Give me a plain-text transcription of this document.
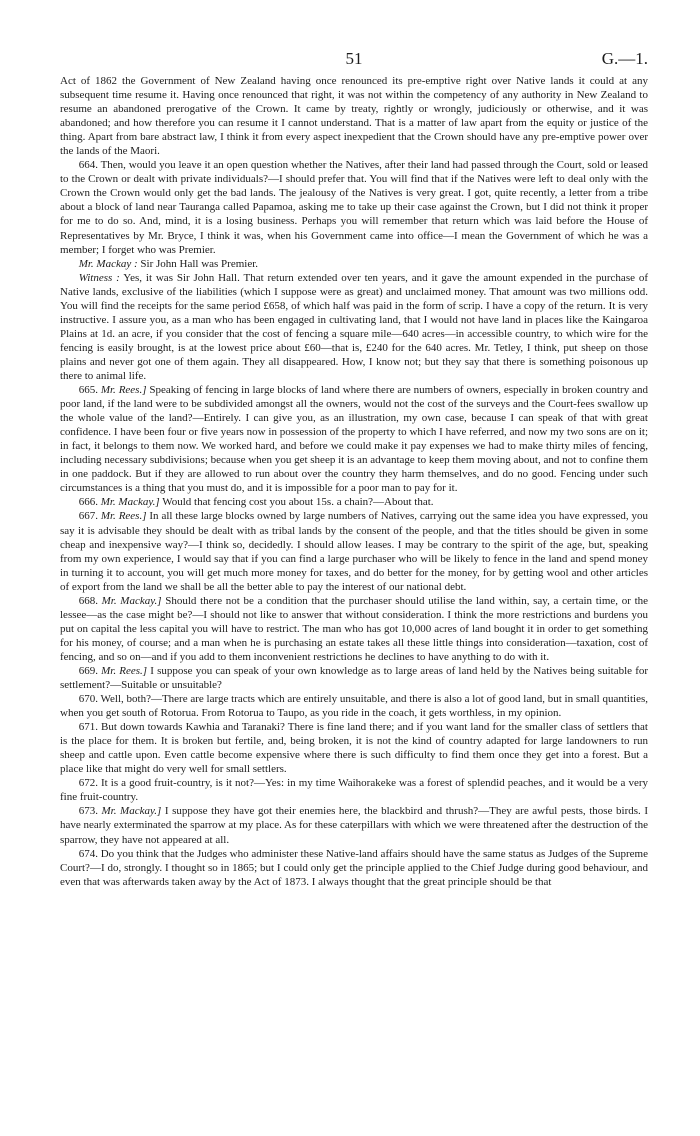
51	G.—1.

Act of 1862 the Government of New Zealand having once renounced its pre-emptive right over Native lands it could at any subsequent time resume it. Having once renounced that right, it was not within the competency of any authority in New Zealand to resume an abandoned prerogative of the Crown. It came by treaty, rightly or wrongly, judiciously or otherwise, and it was abandoned; and how therefore you can resume it I cannot understand. That is a matter of law apart from the equity or justice of the thing. Apart from bare abstract law, I think it from every aspect inexpedient that the Crown should have any pre-emptive power over the lands of the Maori.

664. Then, would you leave it an open question whether the Natives, after their land had passed through the Court, sold or leased to the Crown or dealt with private individuals?—I should prefer that. You will find that if the Natives were left to deal only with the Crown the Crown would only get the bad lands. The jealousy of the Natives is very great. I got, quite recently, a letter from a tribe about a block of land near Tauranga called Papamoa, asking me to take up their case against the Crown, but I did not think it proper for me to do so. And, mind, it is a losing business. Perhaps you will remember that return which was laid before the House of Representatives by Mr. Bryce, I think it was, when his Government came into office—I mean the Government of which he was a member; I forget who was Premier.

Mr. Mackay : Sir John Hall was Premier.

Witness : Yes, it was Sir John Hall. That return extended over ten years, and it gave the amount expended in the purchase of Native lands, exclusive of the liabilities (which I suppose were as great) and unclaimed money. That amount was two millions odd. You will find the receipts for the same period £658, of which half was paid in the form of scrip. I have a copy of the return. It is very instructive. I assure you, as a man who has been engaged in cultivating land, that I would not have land in places like the Kaingaroa Plains at 1d. an acre, if you consider that the cost of fencing a square mile—640 acres—in accessible country, to which wire for the fencing is easily brought, is at the lowest price about £60—that is, £240 for the 640 acres. Mr. Tetley, I think, put sheep on those plains and never got one of them again. They all disappeared. How, I know not; but they say that there is something poisonous up there to animal life.

665. Mr. Rees.] Speaking of fencing in large blocks of land where there are numbers of owners, especially in broken country and poor land, if the land were to be subdivided amongst all the owners, would not the cost of the surveys and the Court-fees swallow up the whole value of the land?—Entirely. I can give you, as an illustration, my own case, because I can speak of that with great confidence. I have been four or five years now in possession of the property to which I have referred, and now my two sons are on it; in fact, it belongs to them now. We worked hard, and before we could make it pay expenses we had to make thirty miles of fencing, including necessary subdivisions; because when you get sheep it is an advantage to keep them moving about, and not to confine them in one paddock. But if they are allowed to run about over the country they harm themselves, and do no good. Fencing under such circumstances is a thing that you must do, and it is impossible for a poor man to pay for it.

666. Mr. Mackay.] Would that fencing cost you about 15s. a chain?—About that.

667. Mr. Rees.] In all these large blocks owned by large numbers of Natives, carrying out the same idea you have expressed, you say it is advisable they should be dealt with as tribal lands by the consent of the people, and that the titles should be given in some cheap and inexpensive way?—I think so, decidedly. I should allow leases. I may be contrary to the spirit of the age, but, speaking from my own experience, I would say that if you can find a large purchaser who will be likely to fence in the land and spend money in turning it to account, you will get much more money for taxes, and do better for the money, for by getting wool and other articles of export from the land we shall be all the better able to pay the interest of our national debt.

668. Mr. Mackay.] Should there not be a condition that the purchaser should utilise the land within, say, a certain time, or the lessee—as the case might be?—I should not like to answer that without consideration. I think the more restrictions and burdens you put on capital the less capital you will have to restrict. The man who has got 10,000 acres of land bought it in order to get something for his money, of course; and a man when he is purchasing an estate takes all these little things into consideration—taxation, cost of fencing, and so on—and if you add to them inconvenient restrictions he declines to have anything to do with it.

669. Mr. Rees.] I suppose you can speak of your own knowledge as to large areas of land held by the Natives being suitable for settlement?—Suitable or unsuitable?

670. Well, both?—There are large tracts which are entirely unsuitable, and there is also a lot of good land, but in small quantities, when you get south of Rotorua. From Rotorua to Taupo, as you ride in the coach, it gets worthless, in my opinion.

671. But down towards Kawhia and Taranaki? There is fine land there; and if you want land for the smaller class of settlers that is the place for them. It is broken but fertile, and, being broken, it is not the kind of country adapted for large landowners to run sheep and cattle upon. Even cattle become expensive where there is such difficulty to find them once they get into a forest. But a place like that might do very well for small settlers.

672. It is a good fruit-country, is it not?—Yes: in my time Waihorakeke was a forest of splendid peaches, and it would be a very fine fruit-country.

673. Mr. Mackay.] I suppose they have got their enemies here, the blackbird and thrush?—They are awful pests, those birds. I have nearly exterminated the sparrow at my place. As for these caterpillars with which we were threatened after the destruction of the sparrow, they have not appeared at all.

674. Do you think that the Judges who administer these Native-land affairs should have the same status as Judges of the Supreme Court?—I do, strongly. I thought so in 1865; but I could only get the principle applied to the Chief Judge during good behaviour, and even that was afterwards taken away by the Act of 1873. I always thought that the great principle should be that
